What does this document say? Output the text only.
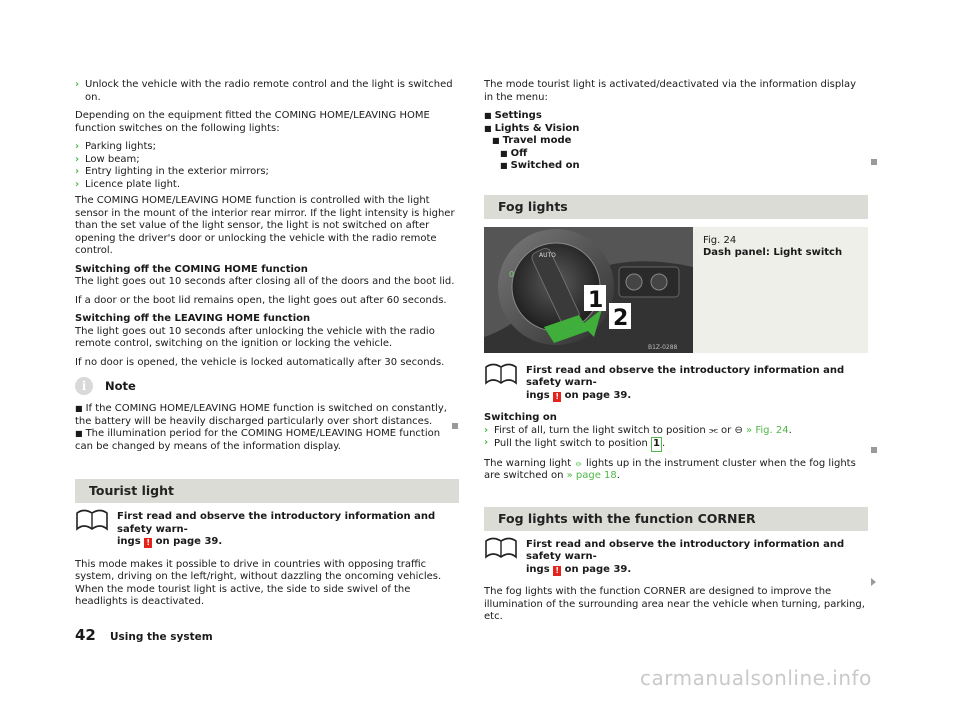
› Unlock the vehicle with the radio remote control and the light is switched on.

Depending on the equipment fitted the COMING HOME/LEAVING HOME function switches on the following lights:

› Parking lights;
› Low beam;
› Entry lighting in the exterior mirrors;
› Licence plate light.

The COMING HOME/LEAVING HOME function is controlled with the light sensor in the mount of the interior rear mirror. If the light intensity is higher than the set value of the light sensor, the light is not switched on after opening the driver's door or unlocking the vehicle with the radio remote control.

Switching off the COMING HOME function

The light goes out 10 seconds after closing all of the doors and the boot lid.

If a door or the boot lid remains open, the light goes out after 60 seconds.

Switching off the LEAVING HOME function

The light goes out 10 seconds after unlocking the vehicle with the radio remote control, switching on the ignition or locking the vehicle.

If no door is opened, the vehicle is locked automatically after 30 seconds.

i	Note
■ If the COMING HOME/LEAVING HOME function is switched on constantly, the battery will be heavily discharged particularly over short distances.
■ The illumination period for the COMING HOME/LEAVING HOME function can be changed by means of the information display.
Tourist light
First read and observe the introductory information and safety warn-
ings ! on page 39.

This mode makes it possible to drive in countries with opposing traffic system, driving on the left/right, without dazzling the oncoming vehicles. When the mode tourist light is active, the side to side swivel of the headlights is deactivated.

The mode tourist light is activated/deactivated via the information display in the menu:

■ Settings

■ Lights & Vision

■ Travel mode

■ Off

■ Switched on

Fog lights
AUTO
0
1
2
B1Z-0288
Fig. 24
Dash panel: Light switch
First read and observe the introductory information and safety warn-
ings ! on page 39.
Switching on
› First of all, turn the light switch to position ⫘ or ⊖ » Fig. 24.
› Pull the light switch to position 1 .

The warning light ⦵ lights up in the instrument cluster when the fog lights are switched on » page 18.

Fog lights with the function CORNER
First read and observe the introductory information and safety warn-
ings ! on page 39.

The fog lights with the function CORNER are designed to improve the illumination of the surrounding area near the vehicle when turning, parking, etc.

42 Using the system
carmanualsonline.info
